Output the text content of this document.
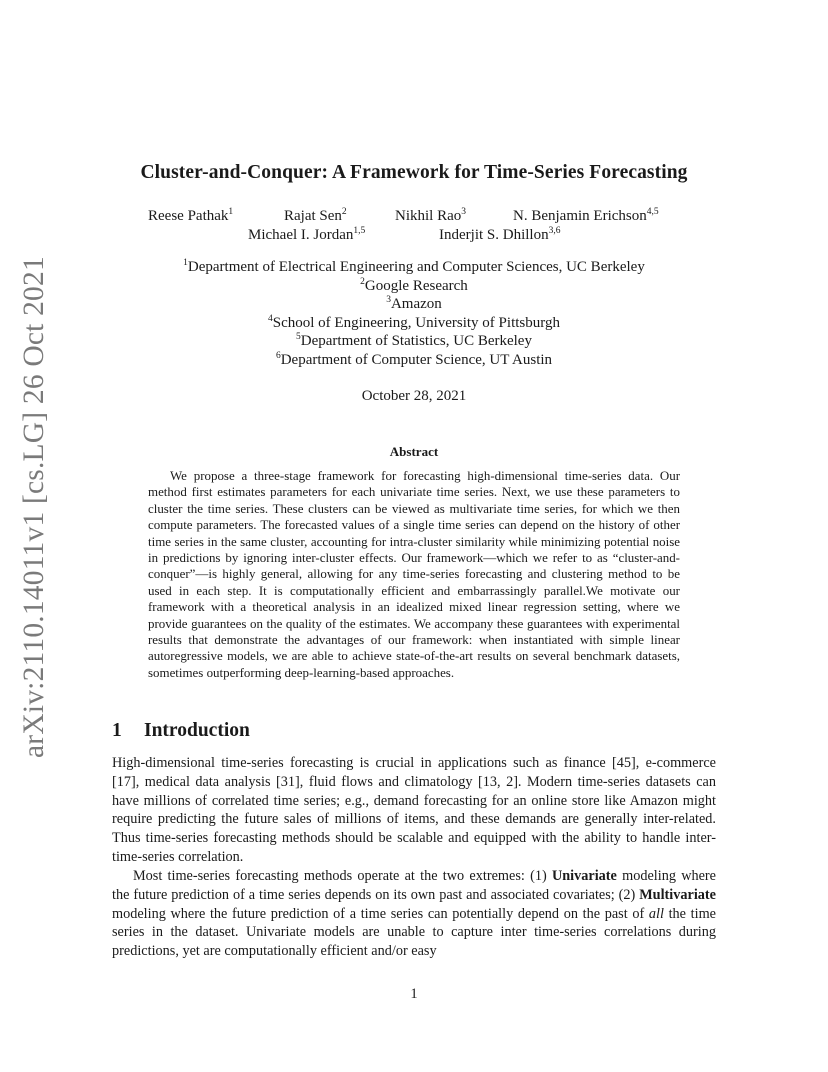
arXiv:2110.14011v1 [cs.LG] 26 Oct 2021
Cluster-and-Conquer: A Framework for Time-Series Forecasting
Reese Pathak$^1$	Rajat Sen$^2$	Nikhil Rao$^3$	N. Benjamin Erichson$^{4,5}$
Michael I. Jordan$^{1,5}$	Inderjit S. Dhillon$^{3,6}$
$^1$Department of Electrical Engineering and Computer Sciences, UC Berkeley
$^2$Google Research
$^3$Amazon
$^4$School of Engineering, University of Pittsburgh
$^5$Department of Statistics, UC Berkeley
$^6$Department of Computer Science, UT Austin
October 28, 2021
Abstract
We propose a three-stage framework for forecasting high-dimensional time-series data. Our method first estimates parameters for each univariate time series. Next, we use these parameters to cluster the time series. These clusters can be viewed as multivariate time series, for which we then compute parameters. The forecasted values of a single time series can depend on the history of other time series in the same cluster, accounting for intra-cluster similarity while minimizing potential noise in predictions by ignoring inter-cluster effects. Our framework—which we refer to as “cluster-and-conquer”—is highly general, allowing for any time-series forecasting and clustering method to be used in each step. It is computationally efficient and embarrassingly parallel.We motivate our framework with a theoretical analysis in an idealized mixed linear regression setting, where we provide guarantees on the quality of the estimates. We accompany these guarantees with experimental results that demonstrate the advantages of our framework: when instantiated with simple linear autoregressive models, we are able to achieve state-of-the-art results on several benchmark datasets, sometimes outperforming deep-learning-based approaches.
1 Introduction
High-dimensional time-series forecasting is crucial in applications such as finance [45], e-commerce [17], medical data analysis [31], fluid flows and climatology [13, 2]. Modern time-series datasets can have millions of correlated time series; e.g., demand forecasting for an online store like Amazon might require predicting the future sales of millions of items, and these demands are generally inter-related. Thus time-series forecasting methods should be scalable and equipped with the ability to handle inter-time-series correlation.
Most time-series forecasting methods operate at the two extremes: (1) Univariate modeling where the future prediction of a time series depends on its own past and associated covariates; (2) Multivariate modeling where the future prediction of a time series can potentially depend on the past of all the time series in the dataset. Univariate models are unable to capture inter time-series correlations during predictions, yet are computationally efficient and/or easy
1
